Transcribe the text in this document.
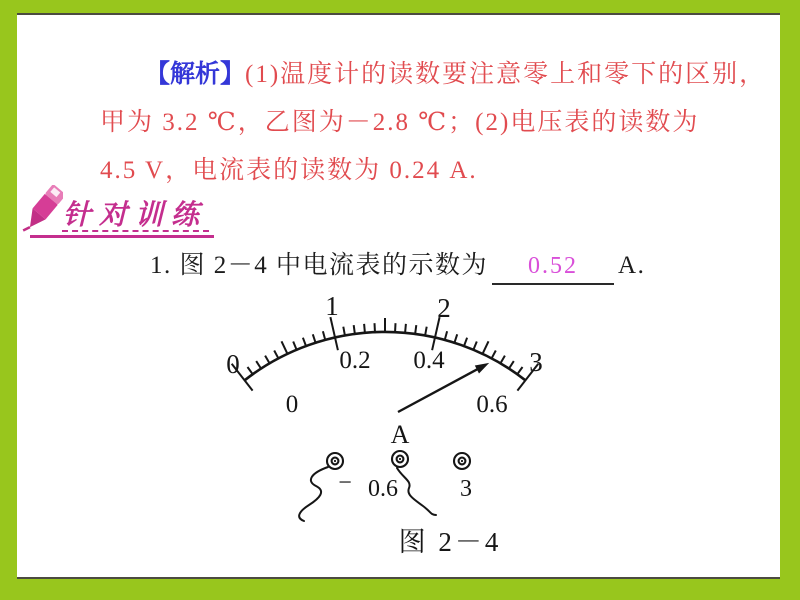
【解析】(1)温度计的读数要注意零上和零下的区别，
甲为 3.2 ℃，乙图为－2.8 ℃；(2)电压表的读数为
4.5 V，电流表的读数为 0.24 A.
针对训练
1. 图 2－4 中电流表的示数为 0.52 A.
0
1	2
3
0
0.2 0.4
0.6
A
− 0.6	3
图 2－4
